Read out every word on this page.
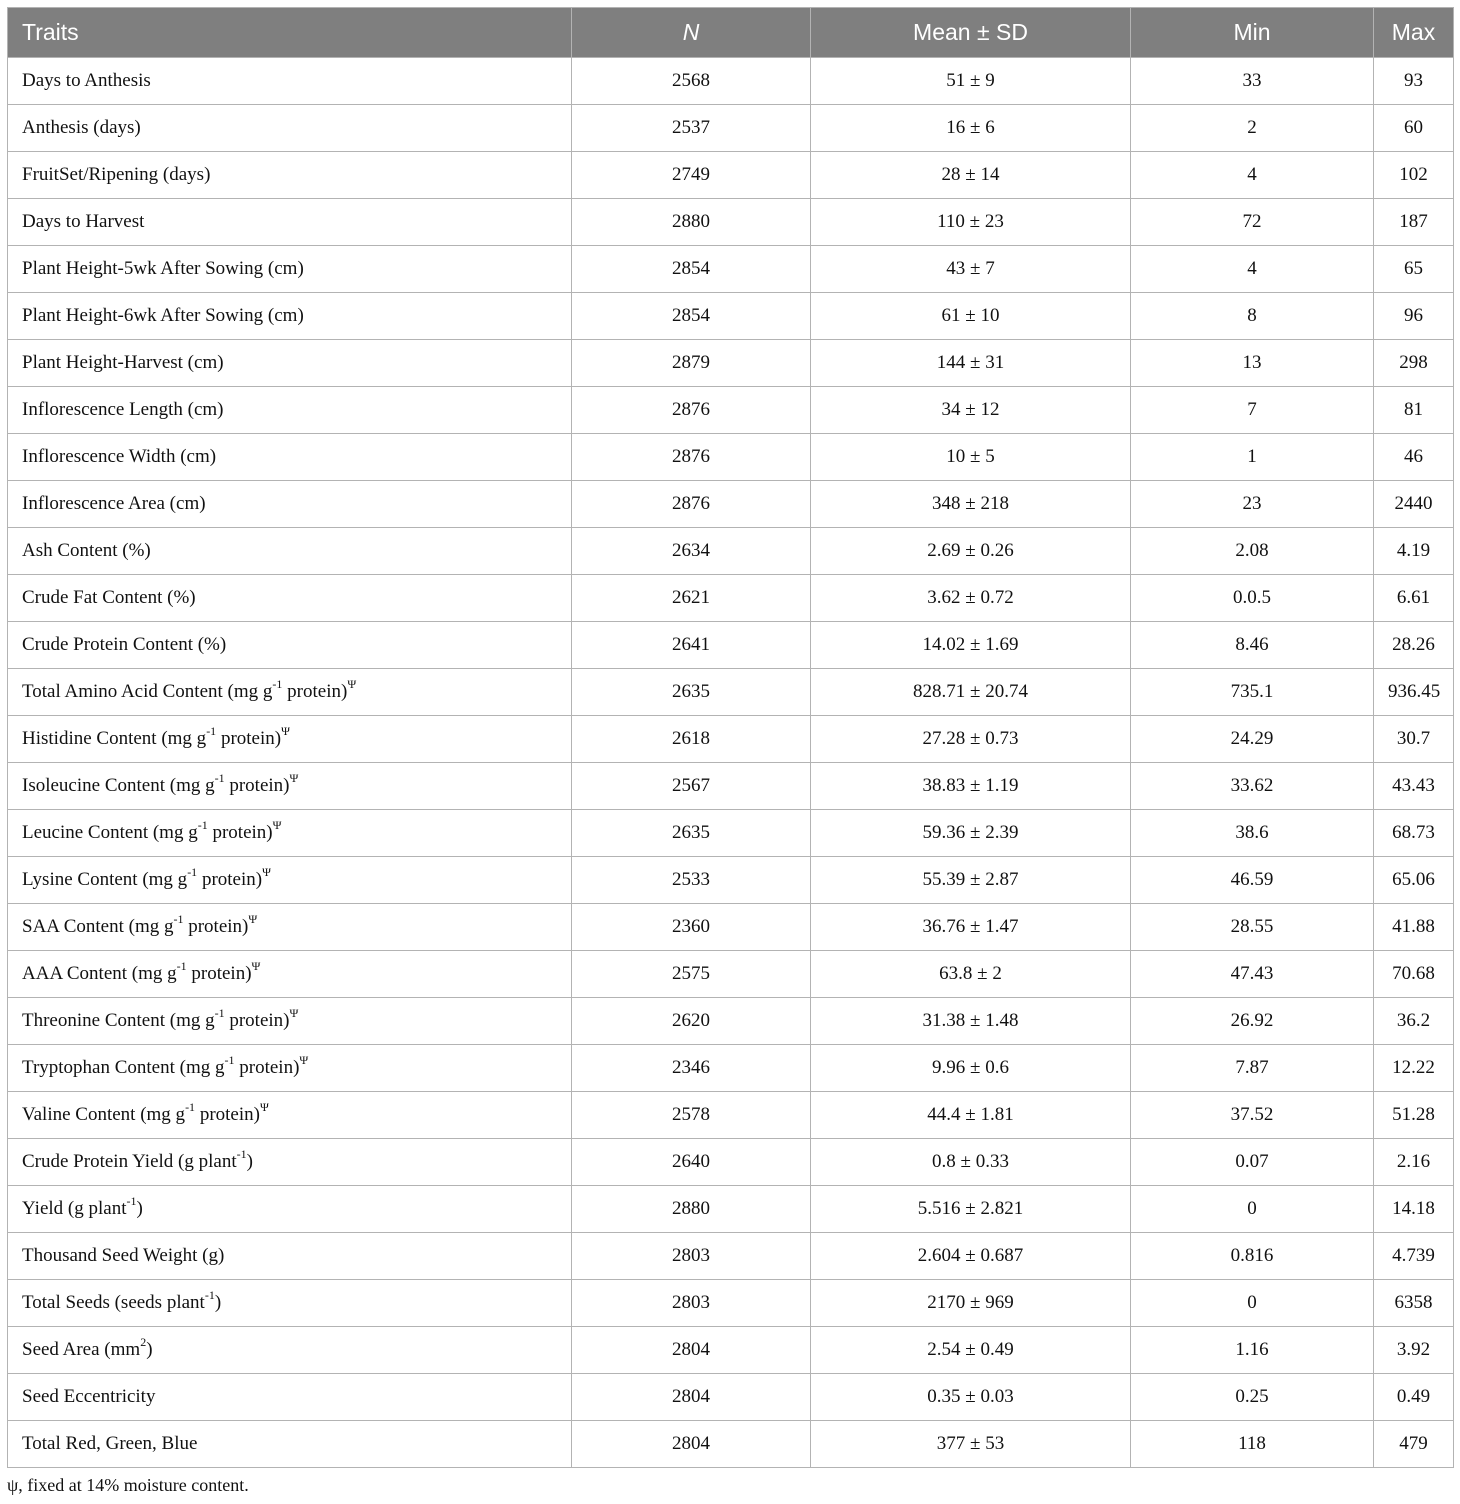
Traits	N	Mean ± SD	Min	Max
Days to Anthesis	2568	51 ± 9	33	93
Anthesis (days)	2537	16 ± 6	2	60
FruitSet/Ripening (days)	2749	28 ± 14	4	102
Days to Harvest	2880	110 ± 23	72	187
Plant Height-5wk After Sowing (cm)	2854	43 ± 7	4	65
Plant Height-6wk After Sowing (cm)	2854	61 ± 10	8	96
Plant Height-Harvest (cm)	2879	144 ± 31	13	298
Inflorescence Length (cm)	2876	34 ± 12	7	81
Inflorescence Width (cm)	2876	10 ± 5	1	46
Inflorescence Area (cm)	2876	348 ± 218	23	2440
Ash Content (%)	2634	2.69 ± 0.26	2.08	4.19
Crude Fat Content (%)	2621	3.62 ± 0.72	0.0.5	6.61
Crude Protein Content (%)	2641	14.02 ± 1.69	8.46	28.26
Total Amino Acid Content (mg $g^{-1}$ protein)$^\Psi$	2635	828.71 ± 20.74	735.1	936.45
Histidine Content (mg $g^{-1}$ protein)$^\Psi$	2618	27.28 ± 0.73	24.29	30.7
Isoleucine Content (mg $g^{-1}$ protein)$^\Psi$	2567	38.83 ± 1.19	33.62	43.43
Leucine Content (mg $g^{-1}$ protein)$^\Psi$	2635	59.36 ± 2.39	38.6	68.73
Lysine Content (mg $g^{-1}$ protein)$^\Psi$	2533	55.39 ± 2.87	46.59	65.06
SAA Content (mg $g^{-1}$ protein)$^\Psi$	2360	36.76 ± 1.47	28.55	41.88
AAA Content (mg $g^{-1}$ protein)$^\Psi$	2575	63.8 ± 2	47.43	70.68
Threonine Content (mg $g^{-1}$ protein)$^\Psi$	2620	31.38 ± 1.48	26.92	36.2
Tryptophan Content (mg $g^{-1}$ protein)$^\Psi$	2346	9.96 ± 0.6	7.87	12.22
Valine Content (mg $g^{-1}$ protein)$^\Psi$	2578	44.4 ± 1.81	37.52	51.28
Crude Protein Yield (g plant$^{-1}$)	2640	0.8 ± 0.33	0.07	2.16
Yield (g plant$^{-1}$)	2880	5.516 ± 2.821	0	14.18
Thousand Seed Weight (g)	2803	2.604 ± 0.687	0.816	4.739
Total Seeds (seeds plant$^{-1}$)	2803	2170 ± 969	0	6358
Seed Area $(mm^2)$	2804	2.54 ± 0.49	1.16	3.92
Seed Eccentricity	2804	0.35 ± 0.03	0.25	0.49
Total Red, Green, Blue	2804	377 ± 53	118	479
ψ, fixed at 14% moisture content.
